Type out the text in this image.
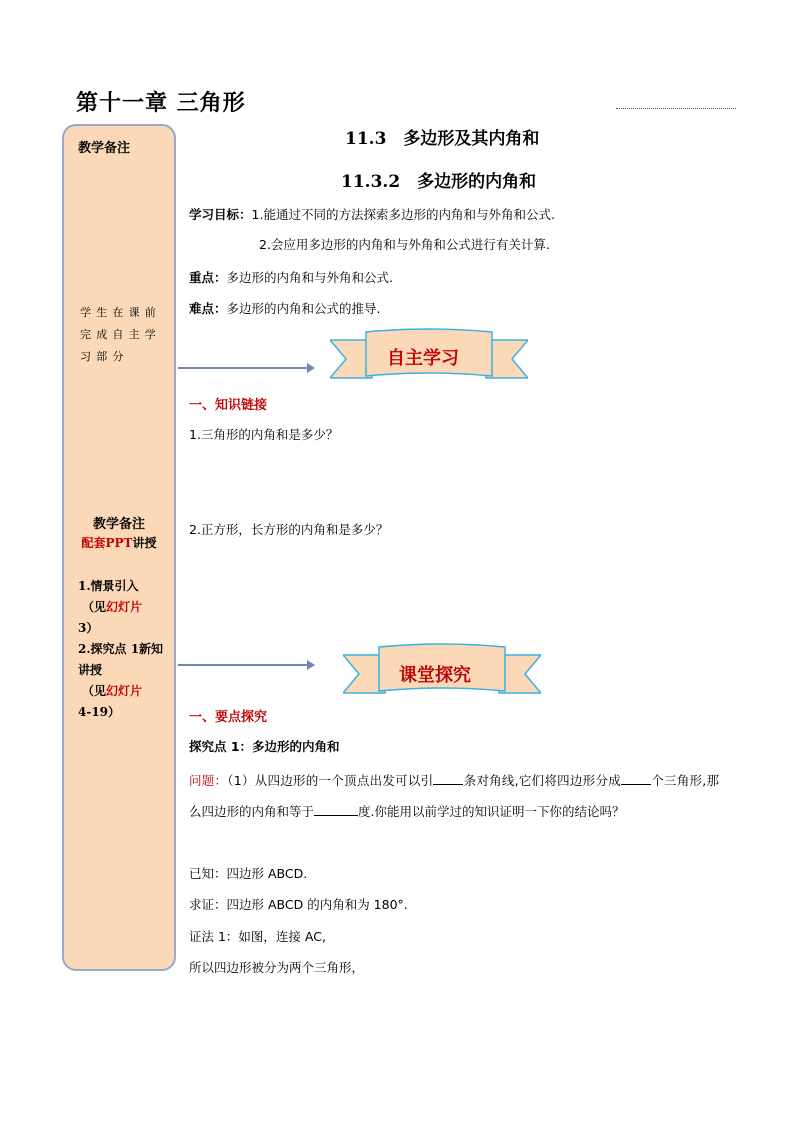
第十一章 三角形
教学备注
学生在课前完成自主学习部分
教学备注
配套PPT讲授
1.情景引入
（见幻灯片
3）
2.探究点 1新知讲授
（见幻灯片
4-19）
11.3　多边形及其内角和
11.3.2　多边形的内角和
学习目标：1.能通过不同的方法探索多边形的内角和与外角和公式.
2.会应用多边形的内角和与外角和公式进行有关计算.
重点：多边形的内角和与外角和公式.
难点：多边形的内角和公式的推导.
自主学习
一、知识链接
1.三角形的内角和是多少？
2.正方形，长方形的内角和是多少？
课堂探究
一、要点探究
探究点 1：多边形的内角和
问题：（1）从四边形的一个顶点出发可以引 条对角线,它们将四边形分成 个三角形,那么四边形的内角和等于	度.你能用以前学过的知识证明一下你的结论吗？
已知：四边形 ABCD.
求证：四边形 ABCD 的内角和为 180°.
证法 1：如图，连接 AC,
所以四边形被分为两个三角形，
